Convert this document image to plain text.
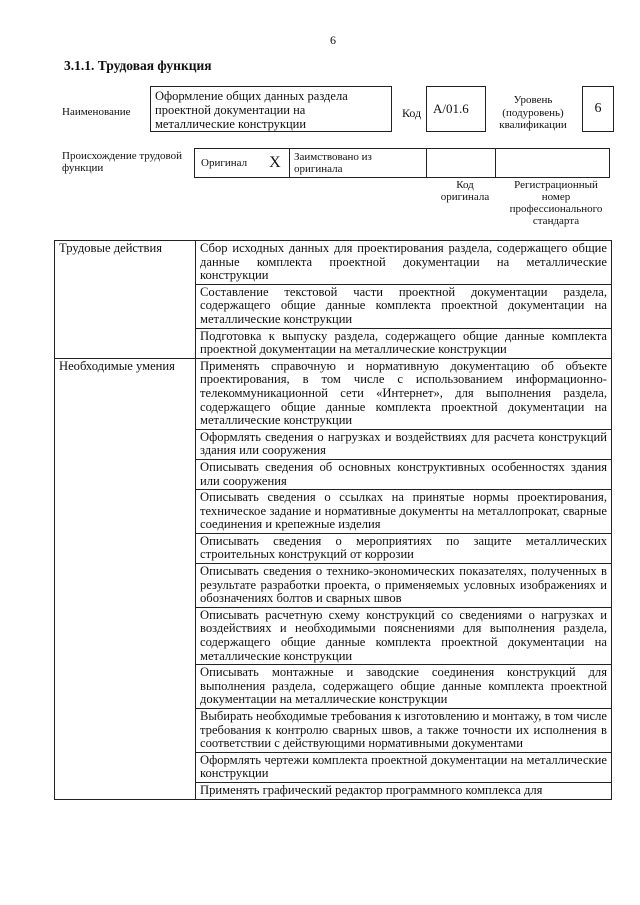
6
3.1.1. Трудовая функция
Наименование
Оформление общих данных раздела проектной документации на металлические конструкции
Код А/01.6
Уровень (подуровень) квалификации
6
Происхождение трудовой функции	Оригинал X	Заимствовано из оригинала
Код оригинала
Регистрационный номер профессионального стандарта
Трудовые действия	Сбор исходных данных для проектирования раздела, содержащего общие данные комплекта проектной документации на металлические конструкции
	Составление текстовой части проектной документации раздела, содержащего общие данные комплекта проектной документации на металлические конструкции
	Подготовка к выпуску раздела, содержащего общие данные комплекта проектной документации на металлические конструкции
Необходимые умения	Применять справочную и нормативную документацию об объекте проектирования, в том числе с использованием информационно-телекоммуникационной сети «Интернет», для выполнения раздела, содержащего общие данные комплекта проектной документации на металлические конструкции
	Оформлять сведения о нагрузках и воздействиях для расчета конструкций здания или сооружения
	Описывать сведения об основных конструктивных особенностях здания или сооружения
	Описывать сведения о ссылках на принятые нормы проектирования, техническое задание и нормативные документы на металлопрокат, сварные соединения и крепежные изделия
	Описывать сведения о мероприятиях по защите металлических строительных конструкций от коррозии
	Описывать сведения о технико-экономических показателях, полученных в результате разработки проекта, о применяемых условных изображениях и обозначениях болтов и сварных швов
	Описывать расчетную схему конструкций со сведениями о нагрузках и воздействиях и необходимыми пояснениями для выполнения раздела, содержащего общие данные комплекта проектной документации на металлические конструкции
	Описывать монтажные и заводские соединения конструкций для выполнения раздела, содержащего общие данные комплекта проектной документации на металлические конструкции
	Выбирать необходимые требования к изготовлению и монтажу, в том числе требования к контролю сварных швов, а также точности их исполнения в соответствии с действующими нормативными документами
	Оформлять чертежи комплекта проектной документации на металлические конструкции
	Применять графический редактор программного комплекса для
